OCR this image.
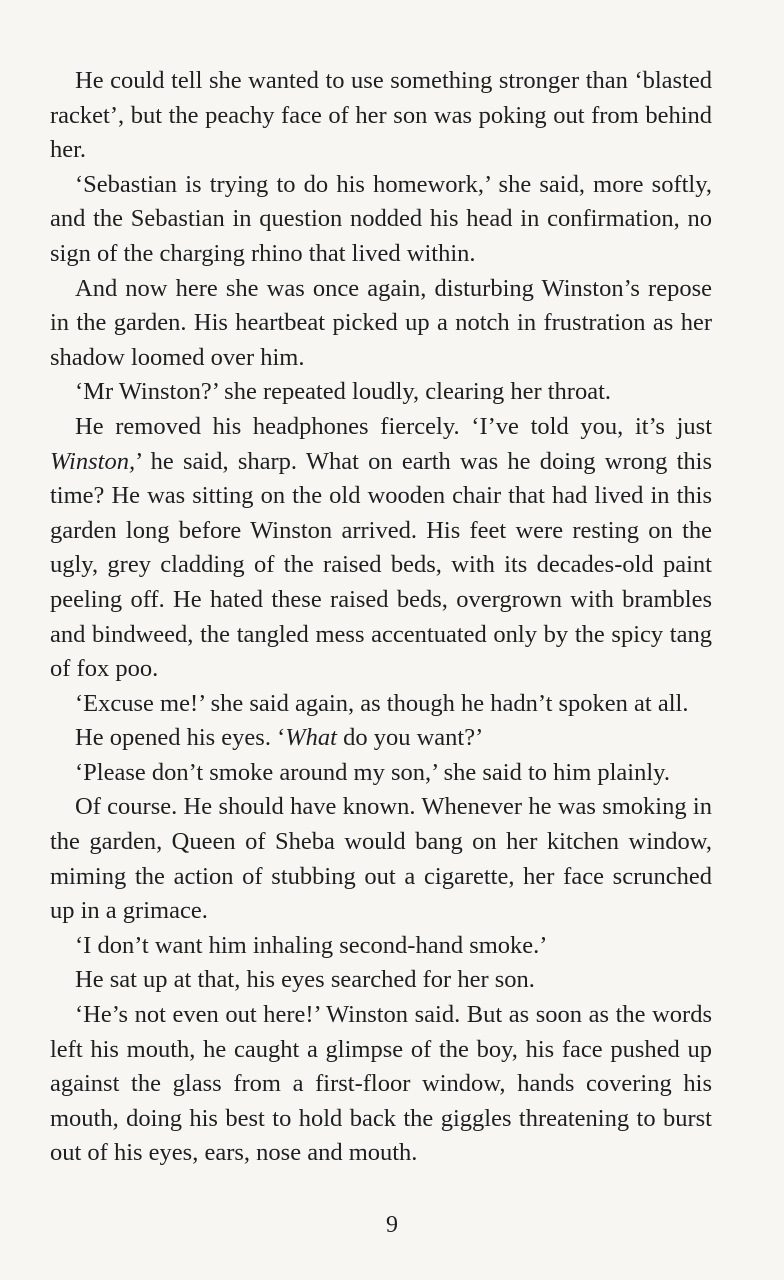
He could tell she wanted to use something stronger than ‘blasted racket’, but the peachy face of her son was poking out from behind her.

‘Sebastian is trying to do his homework,’ she said, more softly, and the Sebastian in question nodded his head in confirmation, no sign of the charging rhino that lived within.

And now here she was once again, disturbing Winston’s repose in the garden. His heartbeat picked up a notch in frustration as her shadow loomed over him.

‘Mr Winston?’ she repeated loudly, clearing her throat.

He removed his headphones fiercely. ‘I’ve told you, it’s just Winston,’ he said, sharp. What on earth was he doing wrong this time? He was sitting on the old wooden chair that had lived in this garden long before Winston arrived. His feet were resting on the ugly, grey cladding of the raised beds, with its decades-old paint peeling off. He hated these raised beds, overgrown with brambles and bindweed, the tangled mess accentuated only by the spicy tang of fox poo.

‘Excuse me!’ she said again, as though he hadn’t spoken at all.

He opened his eyes. ‘What do you want?’

‘Please don’t smoke around my son,’ she said to him plainly.

Of course. He should have known. Whenever he was smoking in the garden, Queen of Sheba would bang on her kitchen window, miming the action of stubbing out a cigarette, her face scrunched up in a grimace.

‘I don’t want him inhaling second-hand smoke.’

He sat up at that, his eyes searched for her son.

‘He’s not even out here!’ Winston said. But as soon as the words left his mouth, he caught a glimpse of the boy, his face pushed up against the glass from a first-floor window, hands covering his mouth, doing his best to hold back the giggles threatening to burst out of his eyes, ears, nose and mouth.

9
